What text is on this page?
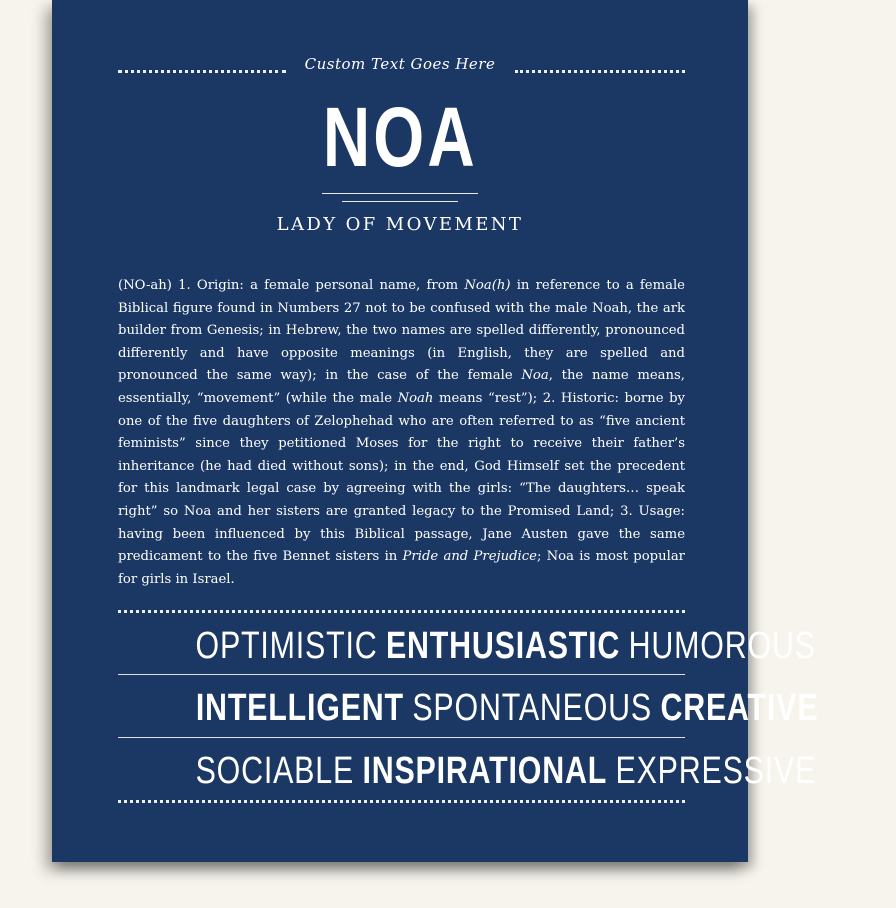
Custom Text Goes Here
NOA
LADY OF MOVEMENT

(NO-ah) 1. Origin: a female personal name, from Noa(h) in reference to a female Biblical figure found in Numbers 27 not to be confused with the male Noah, the ark builder from Genesis; in Hebrew, the two names are spelled differently, pronounced differently and have opposite meanings (in English, they are spelled and pronounced the same way); in the case of the female Noa, the name means, essentially, “movement” (while the male Noah means “rest”); 2. Historic: borne by one of the five daughters of Zelophehad who are often referred to as “five ancient feminists” since they petitioned Moses for the right to receive their father’s inheritance (he had died without sons); in the end, God Himself set the precedent for this landmark legal case by agreeing with the girls: “The daughters… speak right” so Noa and her sisters are granted legacy to the Promised Land; 3. Usage: having been influenced by this Biblical passage, Jane Austen gave the same predicament to the five Bennet sisters in Pride and Prejudice; Noa is most popular for girls in Israel.

OPTIMISTIC ENTHUSIASTIC HUMOROUS
INTELLIGENT SPONTANEOUS CREATIVE
SOCIABLE INSPIRATIONAL EXPRESSIVE
